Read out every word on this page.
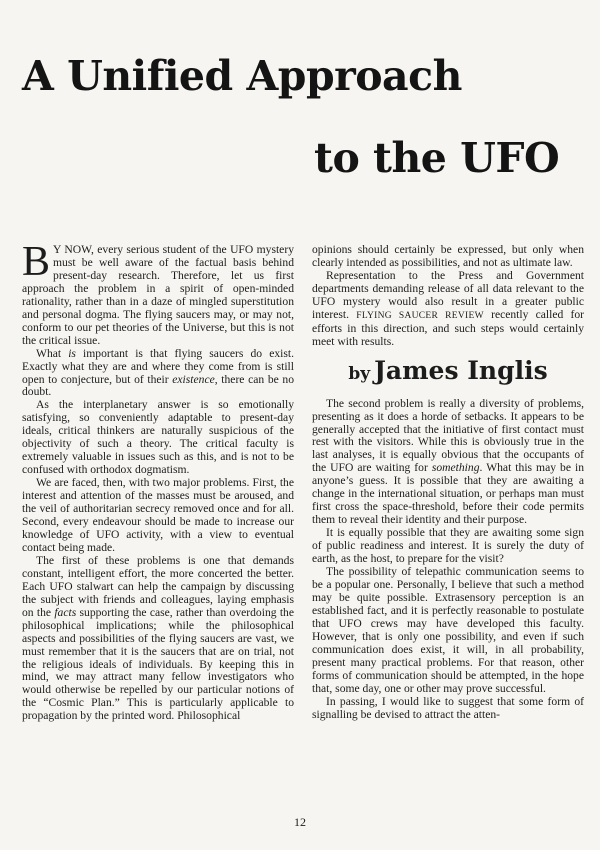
A Unified Approach
to the UFO

B Y NOW, every serious student of the UFO mystery must be well aware of the factual basis behind present-day research. Therefore, let us first approach the problem in a spirit of open-minded rationality, rather than in a daze of mingled superstitution and personal dogma. The flying saucers may, or may not, conform to our pet theories of the Universe, but this is not the critical issue.

What is important is that flying saucers do exist. Exactly what they are and where they come from is still open to conjecture, but of their existence, there can be no doubt.

As the interplanetary answer is so emotionally satisfying, so conveniently adaptable to present-day ideals, critical thinkers are naturally suspicious of the objectivity of such a theory. The critical faculty is extremely valuable in issues such as this, and is not to be confused with orthodox dogmatism.

We are faced, then, with two major problems. First, the interest and attention of the masses must be aroused, and the veil of authoritarian secrecy removed once and for all. Second, every endeavour should be made to increase our knowledge of UFO activity, with a view to eventual contact being made.

The first of these problems is one that demands constant, intelligent effort, the more concerted the better. Each UFO stalwart can help the campaign by discussing the subject with friends and colleagues, laying emphasis on the facts supporting the case, rather than overdoing the philosophical implications; while the philosophical aspects and possibilities of the flying saucers are vast, we must remember that it is the saucers that are on trial, not the religious ideals of individuals. By keeping this in mind, we may attract many fellow investigators who would otherwise be repelled by our particular notions of the “Cosmic Plan.” This is particularly applicable to propagation by the printed word. Philosophical

opinions should certainly be expressed, but only when clearly intended as possibilities, and not as ultimate law.

Representation to the Press and Government departments demanding release of all data relevant to the UFO mystery would also result in a greater public interest. FLYING SAUCER REVIEW recently called for efforts in this direction, and such steps would certainly meet with results.

by James Inglis

The second problem is really a diversity of problems, presenting as it does a horde of setbacks. It appears to be generally accepted that the initiative of first contact must rest with the visitors. While this is obviously true in the last analyses, it is equally obvious that the occupants of the UFO are waiting for something. What this may be in anyone’s guess. It is possible that they are awaiting a change in the international situation, or perhaps man must first cross the space-threshold, before their code permits them to reveal their identity and their purpose.

It is equally possible that they are awaiting some sign of public readiness and interest. It is surely the duty of earth, as the host, to prepare for the visit?

The possibility of telepathic communication seems to be a popular one. Personally, I believe that such a method may be quite possible. Extrasensory perception is an established fact, and it is perfectly reasonable to postulate that UFO crews may have developed this faculty. However, that is only one possibility, and even if such communication does exist, it will, in all probability, present many practical problems. For that reason, other forms of communication should be attempted, in the hope that, some day, one or other may prove successful.

In passing, I would like to suggest that some form of signalling be devised to attract the atten-

12
